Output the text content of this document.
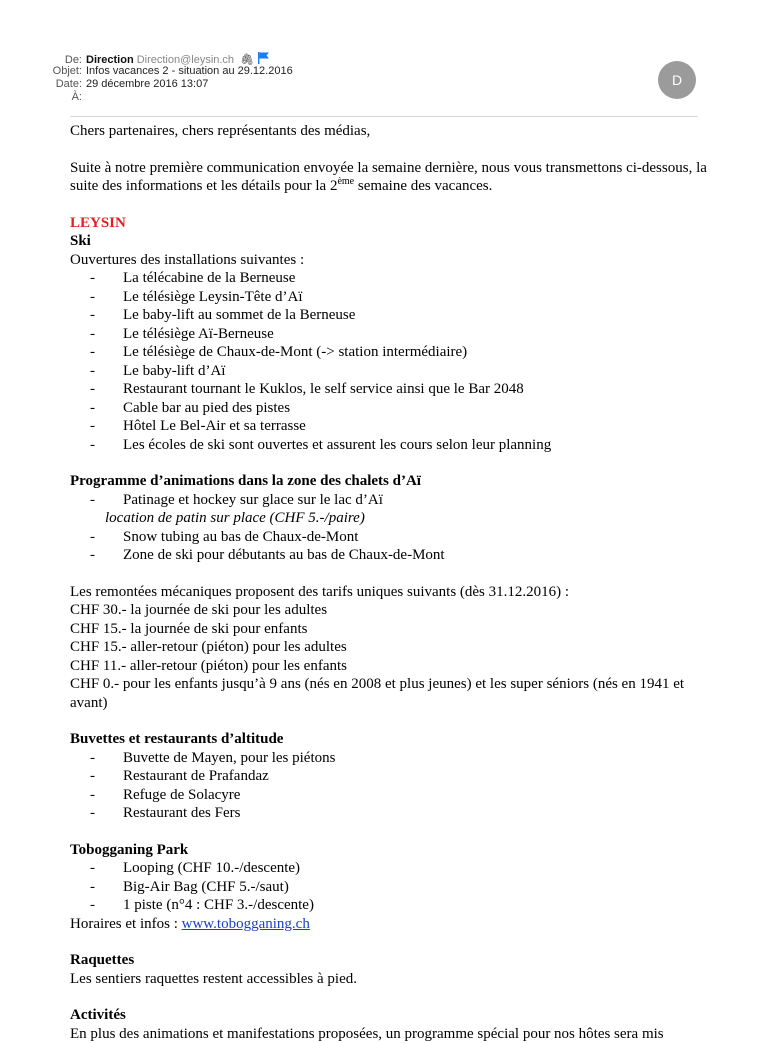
De: Direction Direction@leysin.ch 🖇
Objet: Infos vacances 2 - situation au 29.12.2016
Date: 29 décembre 2016 13:07
À:
D

Chers partenaires, chers représentants des médias,

Suite à notre première communication envoyée la semaine dernière, nous vous transmettons ci-dessous, la suite des informations et les détails pour la 2ème semaine des vacances.

LEYSIN

Ski

Ouvertures des installations suivantes :

- La télécabine de la Berneuse
- Le télésiège Leysin-Tête d’Aï
- Le baby-lift au sommet de la Berneuse
- Le télésiège Aï-Berneuse
- Le télésiège de Chaux-de-Mont (-> station intermédiaire)
- Le baby-lift d’Aï
- Restaurant tournant le Kuklos, le self service ainsi que le Bar 2048
- Cable bar au pied des pistes
- Hôtel Le Bel-Air et sa terrasse
- Les écoles de ski sont ouvertes et assurent les cours selon leur planning

Programme d’animations dans la zone des chalets d’Aï

- Patinage et hockey sur glace sur le lac d’Aï
location de patin sur place (CHF 5.-/paire)
- Snow tubing au bas de Chaux-de-Mont
- Zone de ski pour débutants au bas de Chaux-de-Mont

Les remontées mécaniques proposent des tarifs uniques suivants (dès 31.12.2016) :

CHF 30.- la journée de ski pour les adultes

CHF 15.- la journée de ski pour enfants

CHF 15.- aller-retour (piéton) pour les adultes

CHF 11.- aller-retour (piéton) pour les enfants

CHF 0.- pour les enfants jusqu’à 9 ans (nés en 2008 et plus jeunes) et les super séniors (nés en 1941 et avant)

Buvettes et restaurants d’altitude

- Buvette de Mayen, pour les piétons
- Restaurant de Prafandaz
- Refuge de Solacyre
- Restaurant des Fers

Tobogganing Park

- Looping (CHF 10.-/descente)
- Big-Air Bag (CHF 5.-/saut)
- 1 piste (n°4 : CHF 3.-/descente)

Horaires et infos : www.tobogganing.ch

Raquettes

Les sentiers raquettes restent accessibles à pied.

Activités

En plus des animations et manifestations proposées, un programme spécial pour nos hôtes sera mis
